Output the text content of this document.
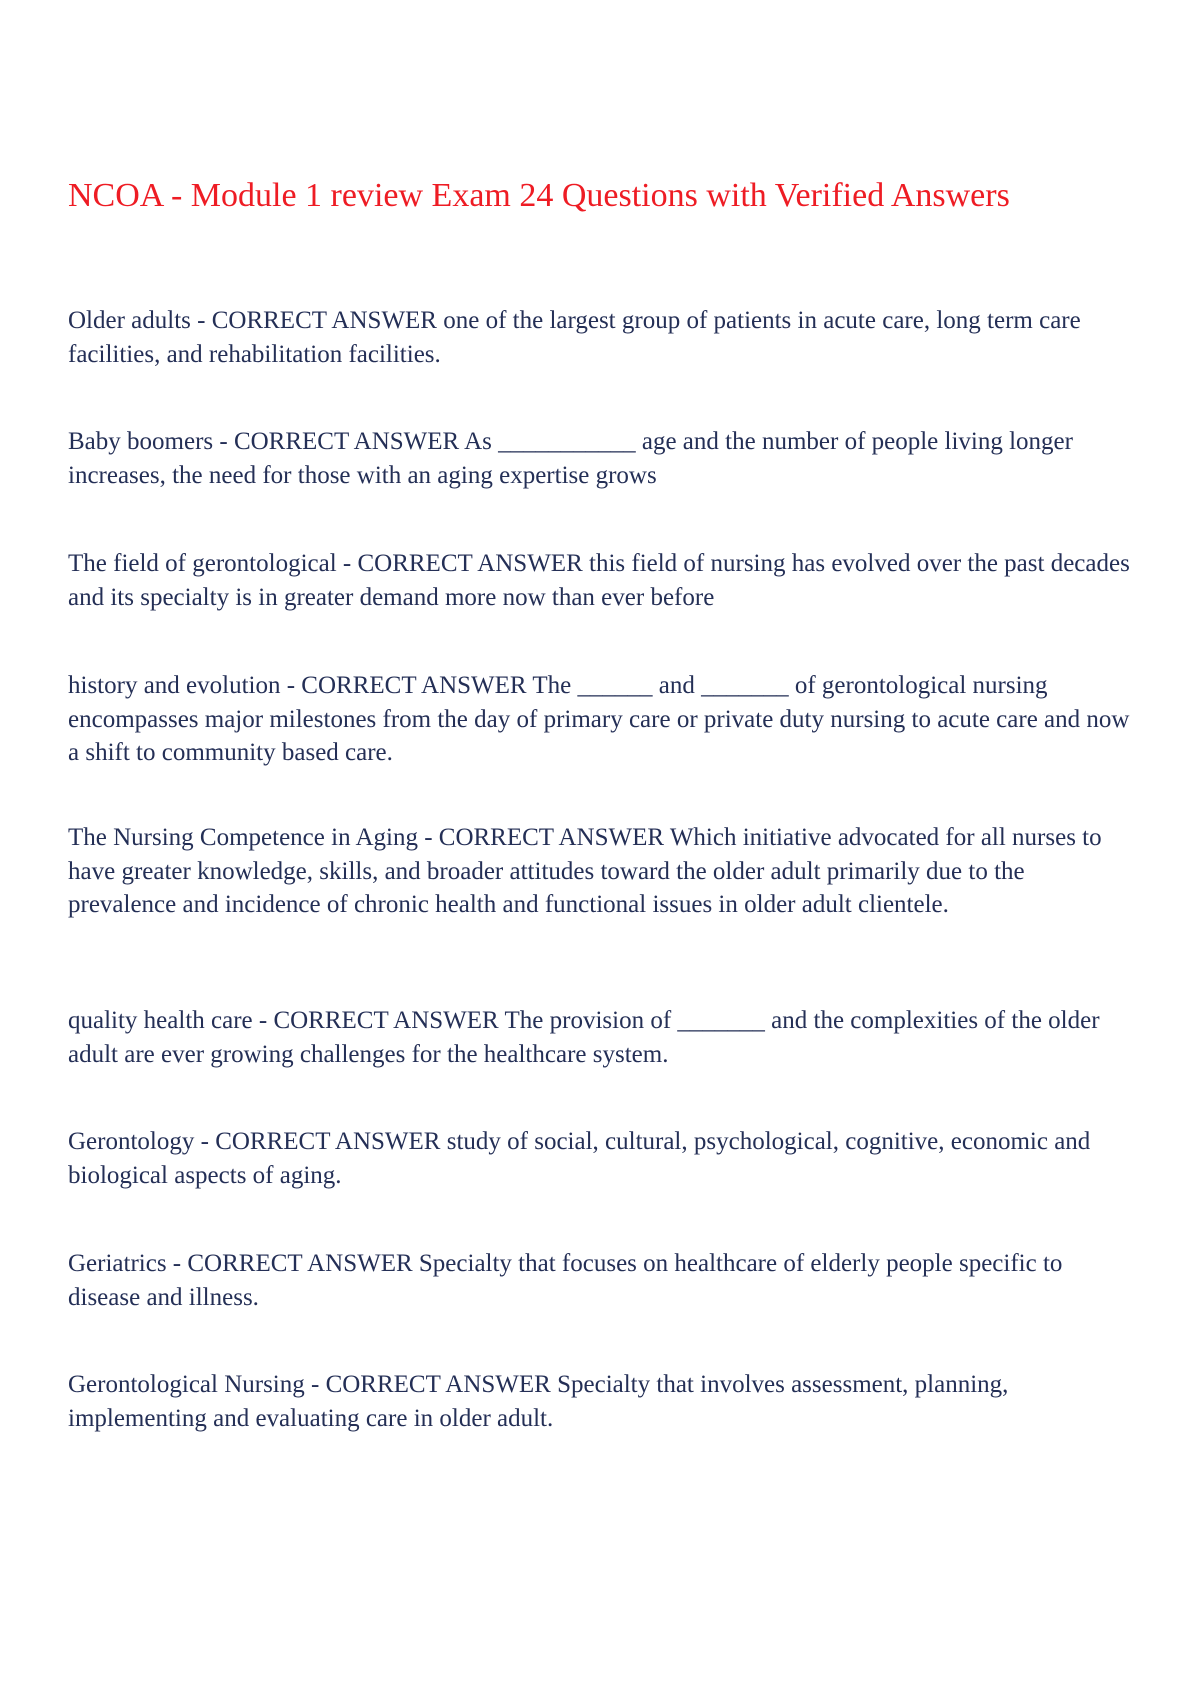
NCOA - Module 1 review Exam 24 Questions with Verified Answers

Older adults - CORRECT ANSWER one of the largest group of patients in acute care, long term care facilities, and rehabilitation facilities.

Baby boomers - CORRECT ANSWER As ___________ age and the number of people living longer increases, the need for those with an aging expertise grows

The field of gerontological - CORRECT ANSWER this field of nursing has evolved over the past decades and its specialty is in greater demand more now than ever before

history and evolution - CORRECT ANSWER The ______ and _______ of gerontological nursing encompasses major milestones from the day of primary care or private duty nursing to acute care and now a shift to community based care.

The Nursing Competence in Aging - CORRECT ANSWER Which initiative advocated for all nurses to have greater knowledge, skills, and broader attitudes toward the older adult primarily due to the prevalence and incidence of chronic health and functional issues in older adult clientele.

quality health care - CORRECT ANSWER The provision of _______ and the complexities of the older adult are ever growing challenges for the healthcare system.

Gerontology - CORRECT ANSWER study of social, cultural, psychological, cognitive, economic and biological aspects of aging.

Geriatrics - CORRECT ANSWER Specialty that focuses on healthcare of elderly people specific to disease and illness.

Gerontological Nursing - CORRECT ANSWER Specialty that involves assessment, planning, implementing and evaluating care in older adult.
